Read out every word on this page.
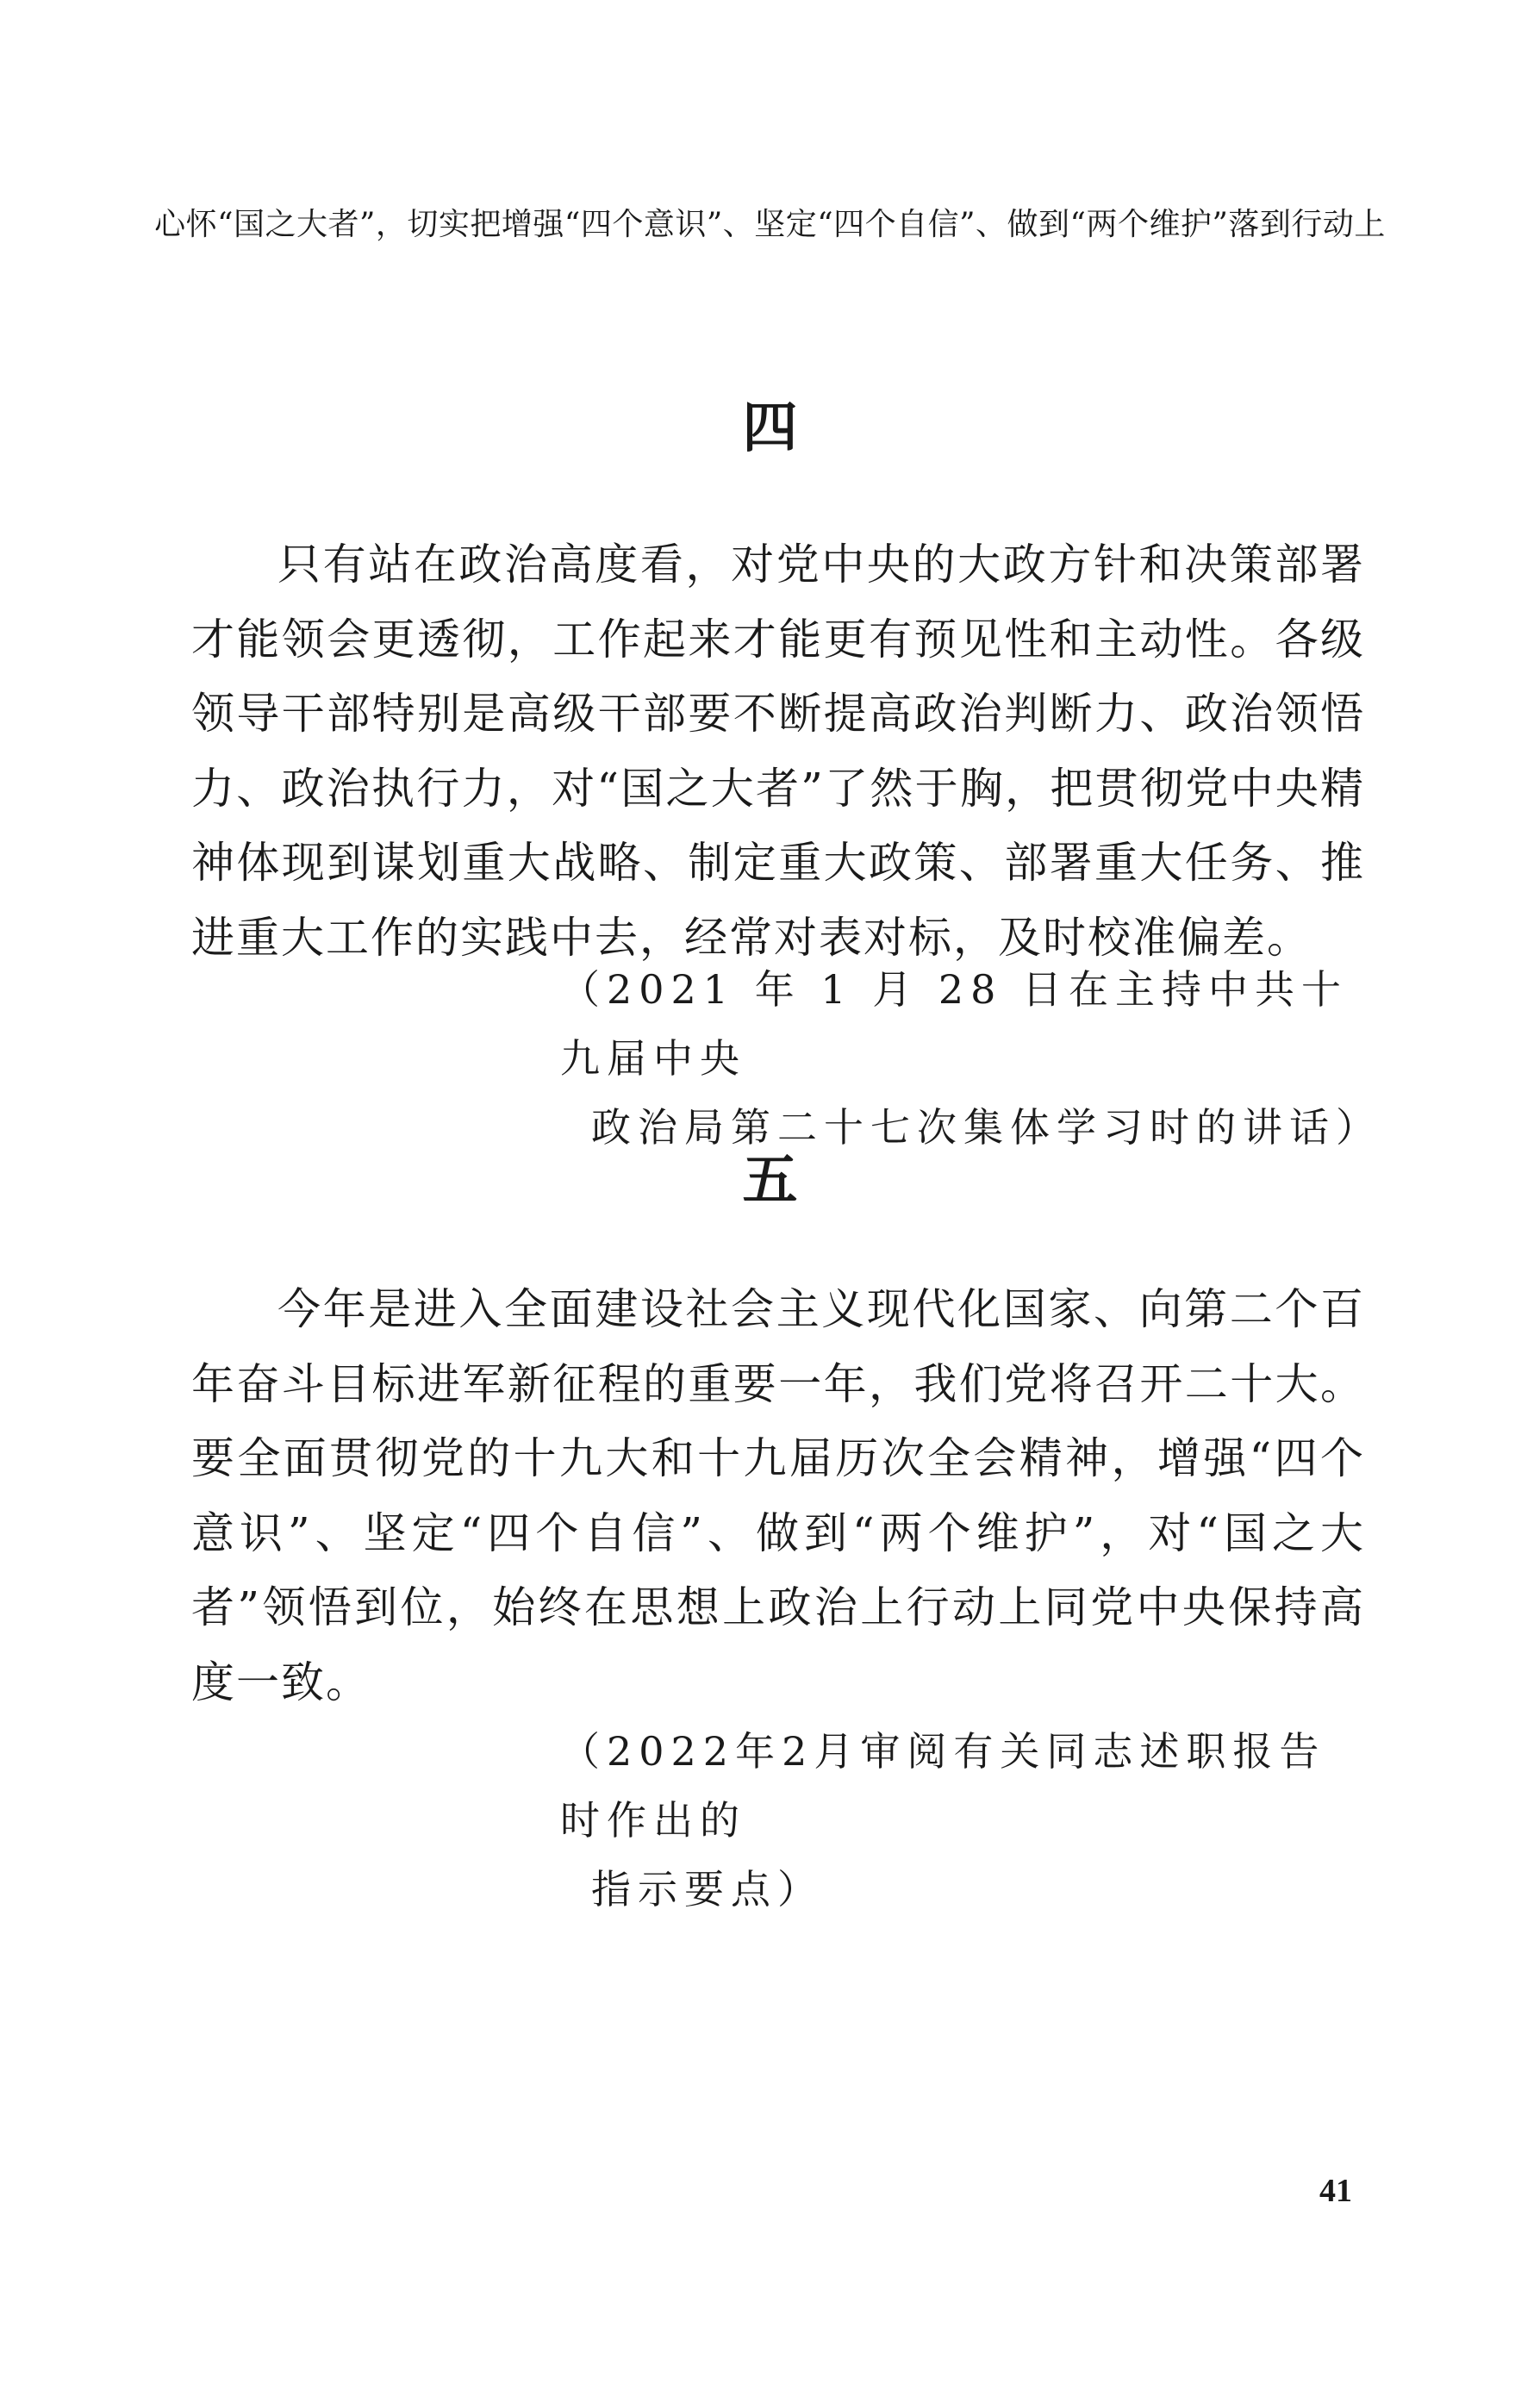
心怀“国之大者”，切实把增强“四个意识”、坚定“四个自信”、做到“两个维护”落到行动上
四
只有站在政治高度看，对党中央的大政方针和决策部署才能领会更透彻，工作起来才能更有预见性和主动性。各级领导干部特别是高级干部要不断提高政治判断力、政治领悟力、政治执行力，对“国之大者”了然于胸，把贯彻党中央精神体现到谋划重大战略、制定重大政策、部署重大任务、推进重大工作的实践中去，经常对表对标，及时校准偏差。
（2021 年 1 月 28 日在主持中共十九届中央
政治局第二十七次集体学习时的讲话）
五
今年是进入全面建设社会主义现代化国家、向第二个百年奋斗目标进军新征程的重要一年，我们党将召开二十大。要全面贯彻党的十九大和十九届历次全会精神，增强“四个意识”、坚定“四个自信”、做到“两个维护”，对“国之大者”领悟到位，始终在思想上政治上行动上同党中央保持高度一致。
（2022年2月审阅有关同志述职报告时作出的
指示要点）
41
